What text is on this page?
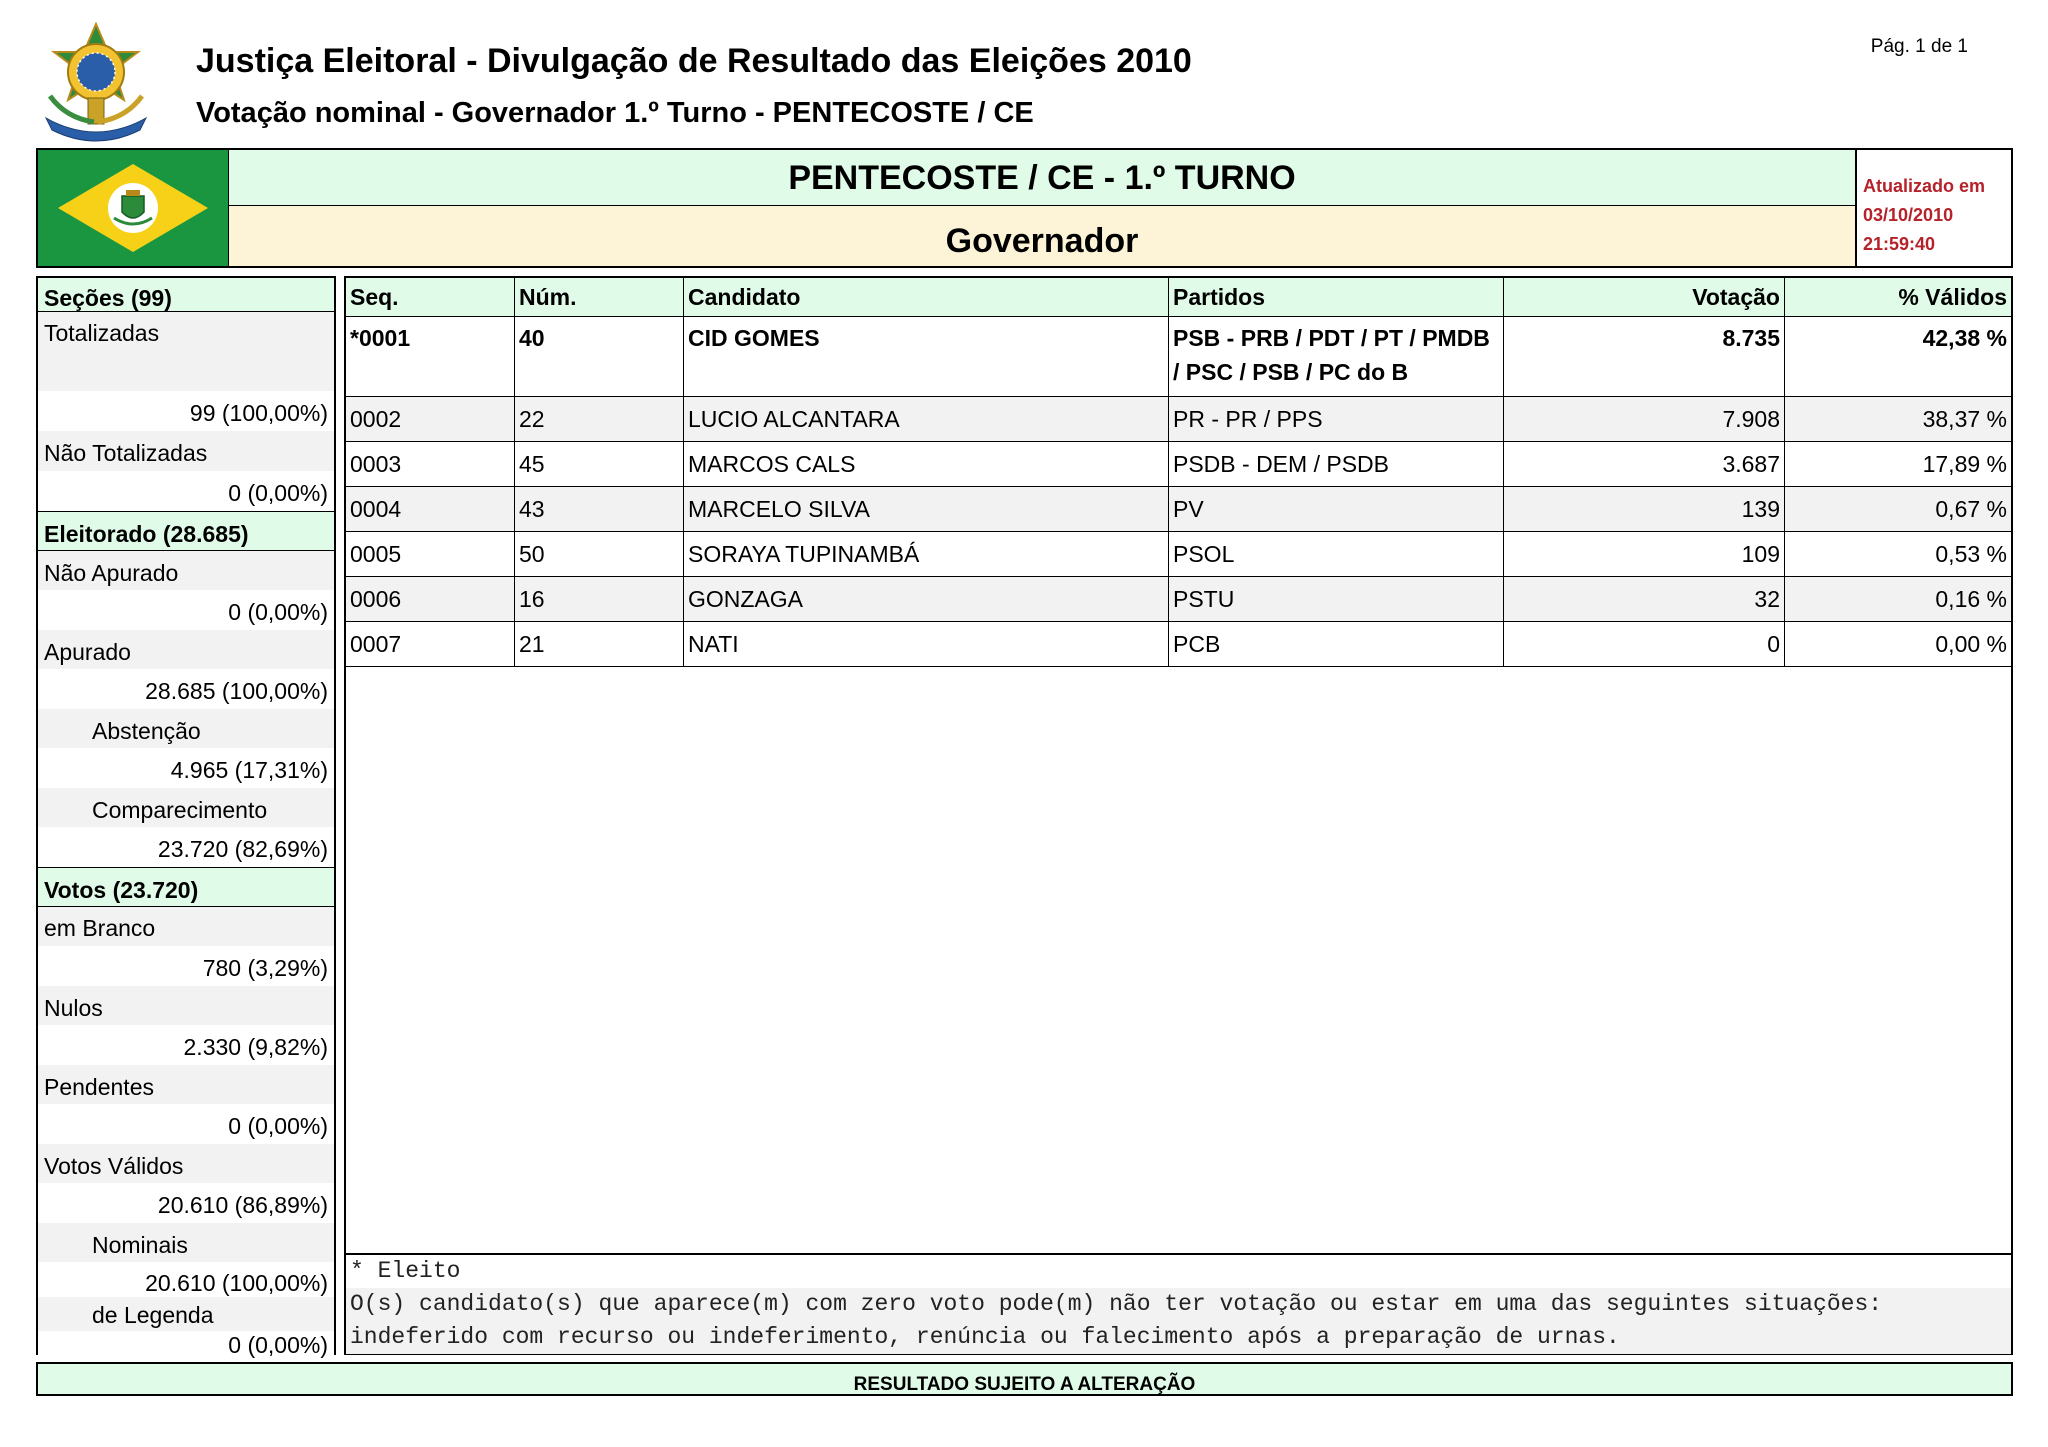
Justiça Eleitoral - Divulgação de Resultado das Eleições 2010
Votação nominal - Governador 1.º Turno - PENTECOSTE / CE
Pág. 1 de 1
PENTECOSTE / CE - 1.º TURNO
Governador
Atualizado em
03/10/2010
21:59:40
Seções (99)
Totalizadas
99 (100,00%)
Não Totalizadas
0 (0,00%)
Eleitorado (28.685)
Não Apurado
0 (0,00%)
Apurado
28.685 (100,00%)
Abstenção
4.965 (17,31%)
Comparecimento
23.720 (82,69%)
Votos (23.720)
em Branco
780 (3,29%)
Nulos
2.330 (9,82%)
Pendentes
0 (0,00%)
Votos Válidos
20.610 (86,89%)
Nominais
20.610 (100,00%)
de Legenda
0 (0,00%)
Seq.	Núm.	Candidato	Partidos	Votação	% Válidos
*0001	40	CID GOMES	PSB - PRB / PDT / PT / PMDB / PSC / PSB / PC do B	8.735	42,38 %
0002	22	LUCIO ALCANTARA	PR - PR / PPS	7.908	38,37 %
0003	45	MARCOS CALS	PSDB - DEM / PSDB	3.687	17,89 %
0004	43	MARCELO SILVA	PV	139	0,67 %
0005	50	SORAYA TUPINAMBÁ	PSOL	109	0,53 %
0006	16	GONZAGA	PSTU	32	0,16 %
0007	21	NATI	PCB	0	0,00 %
* Eleito
O(s) candidato(s) que aparece(m) com zero voto pode(m) não ter votação ou estar em uma das seguintes situações:
indeferido com recurso ou indeferimento, renúncia ou falecimento após a preparação de urnas.
RESULTADO SUJEITO A ALTERAÇÃO
